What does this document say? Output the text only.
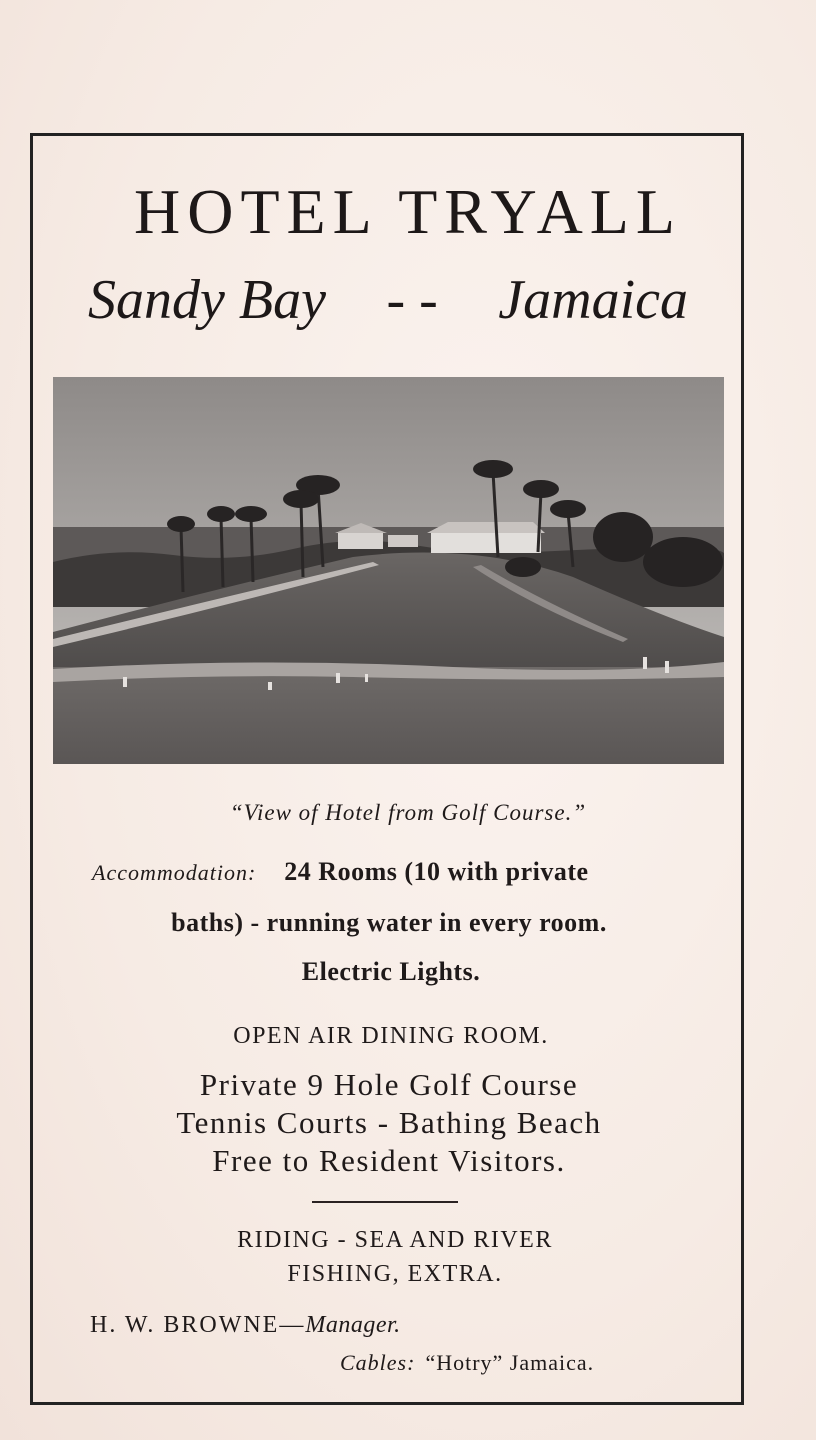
HOTEL TRYALL
Sandy Bay - - Jamaica
“View of Hotel from Golf Course.”
Accommodation: 24 Rooms (10 with private
baths) - running water in every room.
Electric Lights.
OPEN AIR DINING ROOM.
Private 9 Hole Golf Course
Tennis Courts - Bathing Beach
Free to Resident Visitors.
RIDING - SEA AND RIVER
FISHING, EXTRA.
H. W. BROWNE—Manager.
Cables: “Hotry” Jamaica.
